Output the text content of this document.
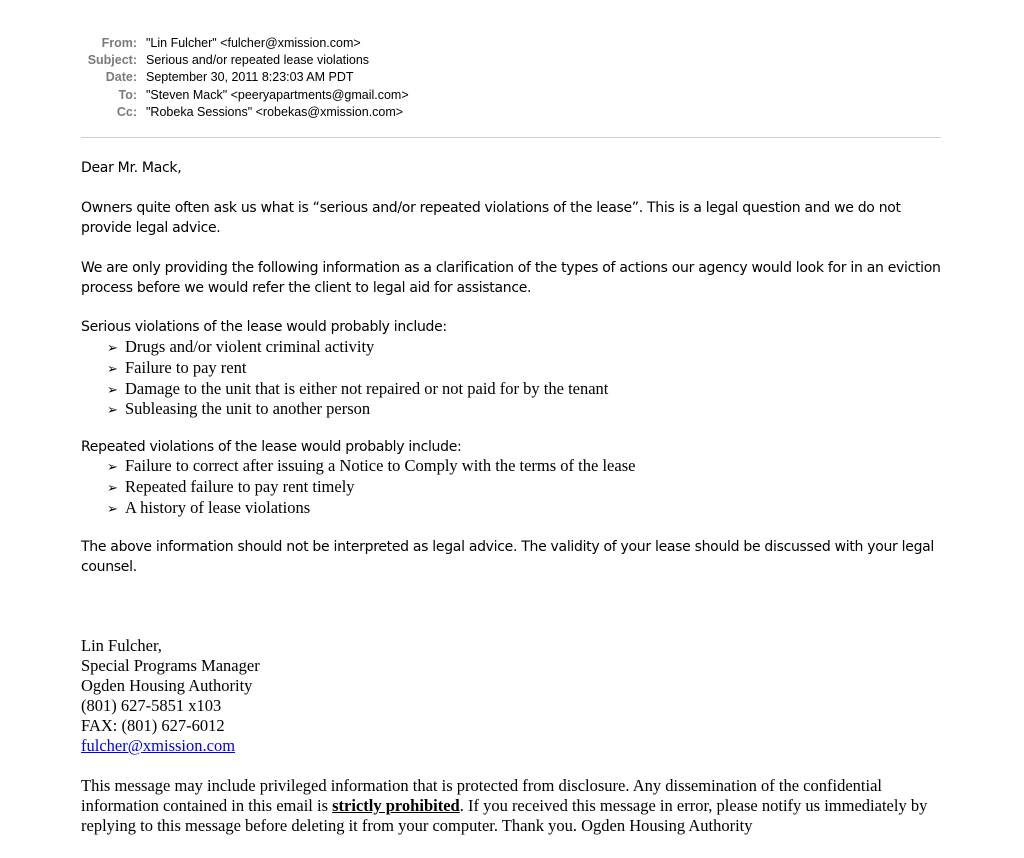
From: "Lin Fulcher" <fulcher@xmission.com>
Subject: Serious and/or repeated lease violations
Date: September 30, 2011 8:23:03 AM PDT
To: "Steven Mack" <peeryapartments@gmail.com>
Cc: "Robeka Sessions" <robekas@xmission.com>

Dear Mr. Mack,

Owners quite often ask us what is “serious and/or repeated violations of the lease”. This is a legal question and we do not provide legal advice.

We are only providing the following information as a clarification of the types of actions our agency would look for in an eviction process before we would refer the client to legal aid for assistance.

Serious violations of the lease would probably include:

➢ Drugs and/or violent criminal activity
➢ Failure to pay rent
➢ Damage to the unit that is either not repaired or not paid for by the tenant
➢ Subleasing the unit to another person

Repeated violations of the lease would probably include:

➢ Failure to correct after issuing a Notice to Comply with the terms of the lease
➢ Repeated failure to pay rent timely
➢ A history of lease violations

The above information should not be interpreted as legal advice. The validity of your lease should be discussed with your legal counsel.

Lin Fulcher,
Special Programs Manager
Ogden Housing Authority
(801) 627-5851 x103
FAX: (801) 627-6012
fulcher@xmission.com

This message may include privileged information that is protected from disclosure. Any dissemination of the confidential information contained in this email is strictly prohibited. If you received this message in error, please notify us immediately by replying to this message before deleting it from your computer. Thank you. Ogden Housing Authority
